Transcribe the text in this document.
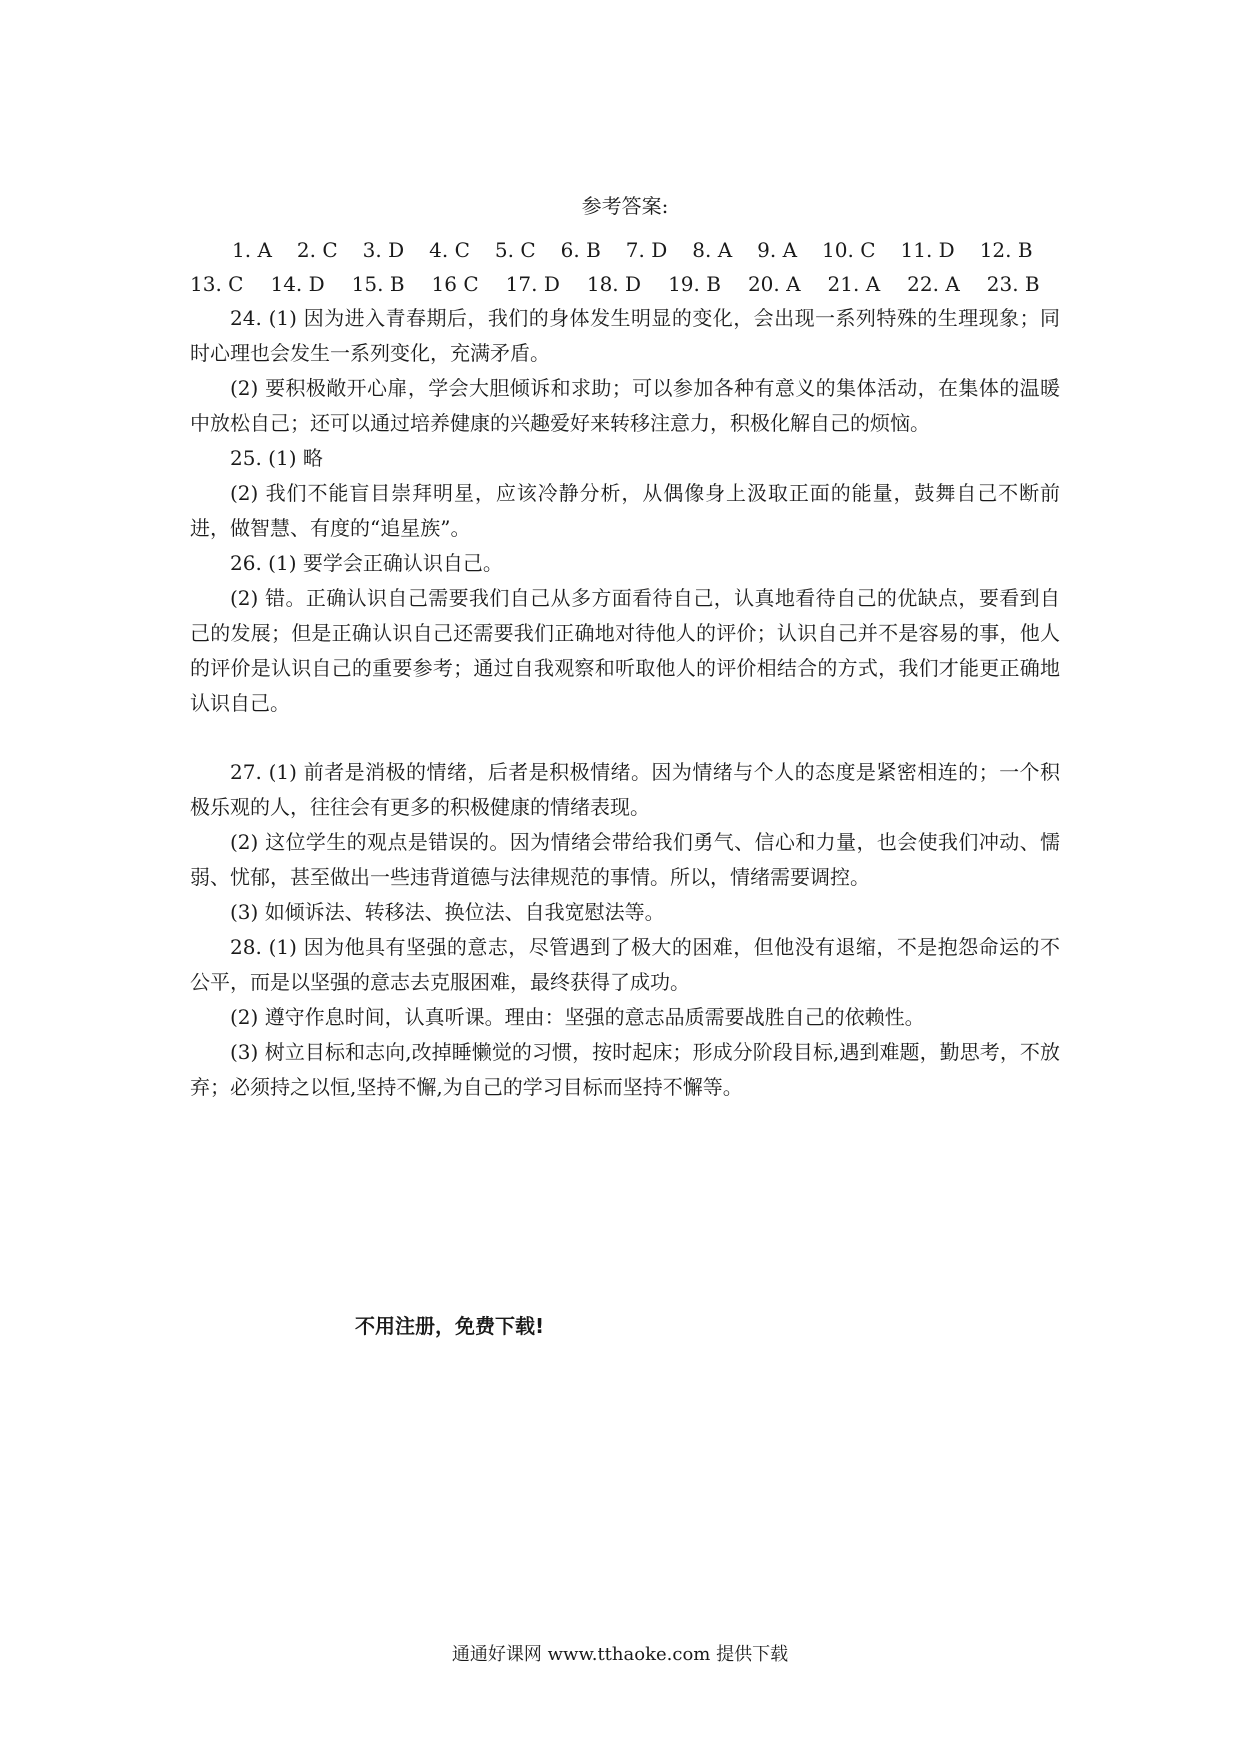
参考答案:
1. A 2. C 3. D 4. C 5. C 6. B 7. D 8. A 9. A 10. C 11. D 12. B
13. C 14. D 15. B 16 C 17. D 18. D 19. B 20. A 21. A 22. A 23. B

24. (1) 因为进入青春期后，我们的身体发生明显的变化，会出现一系列特殊的生理现象；同时心理也会发生一系列变化，充满矛盾。

(2) 要积极敞开心扉，学会大胆倾诉和求助；可以参加各种有意义的集体活动，在集体的温暖中放松自己；还可以通过培养健康的兴趣爱好来转移注意力，积极化解自己的烦恼。

25. (1) 略

(2) 我们不能盲目崇拜明星，应该冷静分析，从偶像身上汲取正面的能量，鼓舞自己不断前进，做智慧、有度的“追星族”。

26. (1) 要学会正确认识自己。

(2) 错。正确认识自己需要我们自己从多方面看待自己，认真地看待自己的优缺点，要看到自己的发展；但是正确认识自己还需要我们正确地对待他人的评价；认识自己并不是容易的事，他人的评价是认识自己的重要参考；通过自我观察和听取他人的评价相结合的方式，我们才能更正确地认识自己。

27. (1) 前者是消极的情绪，后者是积极情绪。因为情绪与个人的态度是紧密相连的；一个积极乐观的人，往往会有更多的积极健康的情绪表现。

(2) 这位学生的观点是错误的。因为情绪会带给我们勇气、信心和力量，也会使我们冲动、懦弱、忧郁，甚至做出一些违背道德与法律规范的事情。所以，情绪需要调控。

(3) 如倾诉法、转移法、换位法、自我宽慰法等。

28. (1) 因为他具有坚强的意志，尽管遇到了极大的困难，但他没有退缩，不是抱怨命运的不公平，而是以坚强的意志去克服困难，最终获得了成功。

(2) 遵守作息时间，认真听课。理由：坚强的意志品质需要战胜自己的依赖性。

(3) 树立目标和志向,改掉睡懒觉的习惯，按时起床；形成分阶段目标,遇到难题，勤思考，不放弃；必须持之以恒,坚持不懈,为自己的学习目标而坚持不懈等。

不用注册，免费下载!
通通好课网 www.tthaoke.com 提供下载
